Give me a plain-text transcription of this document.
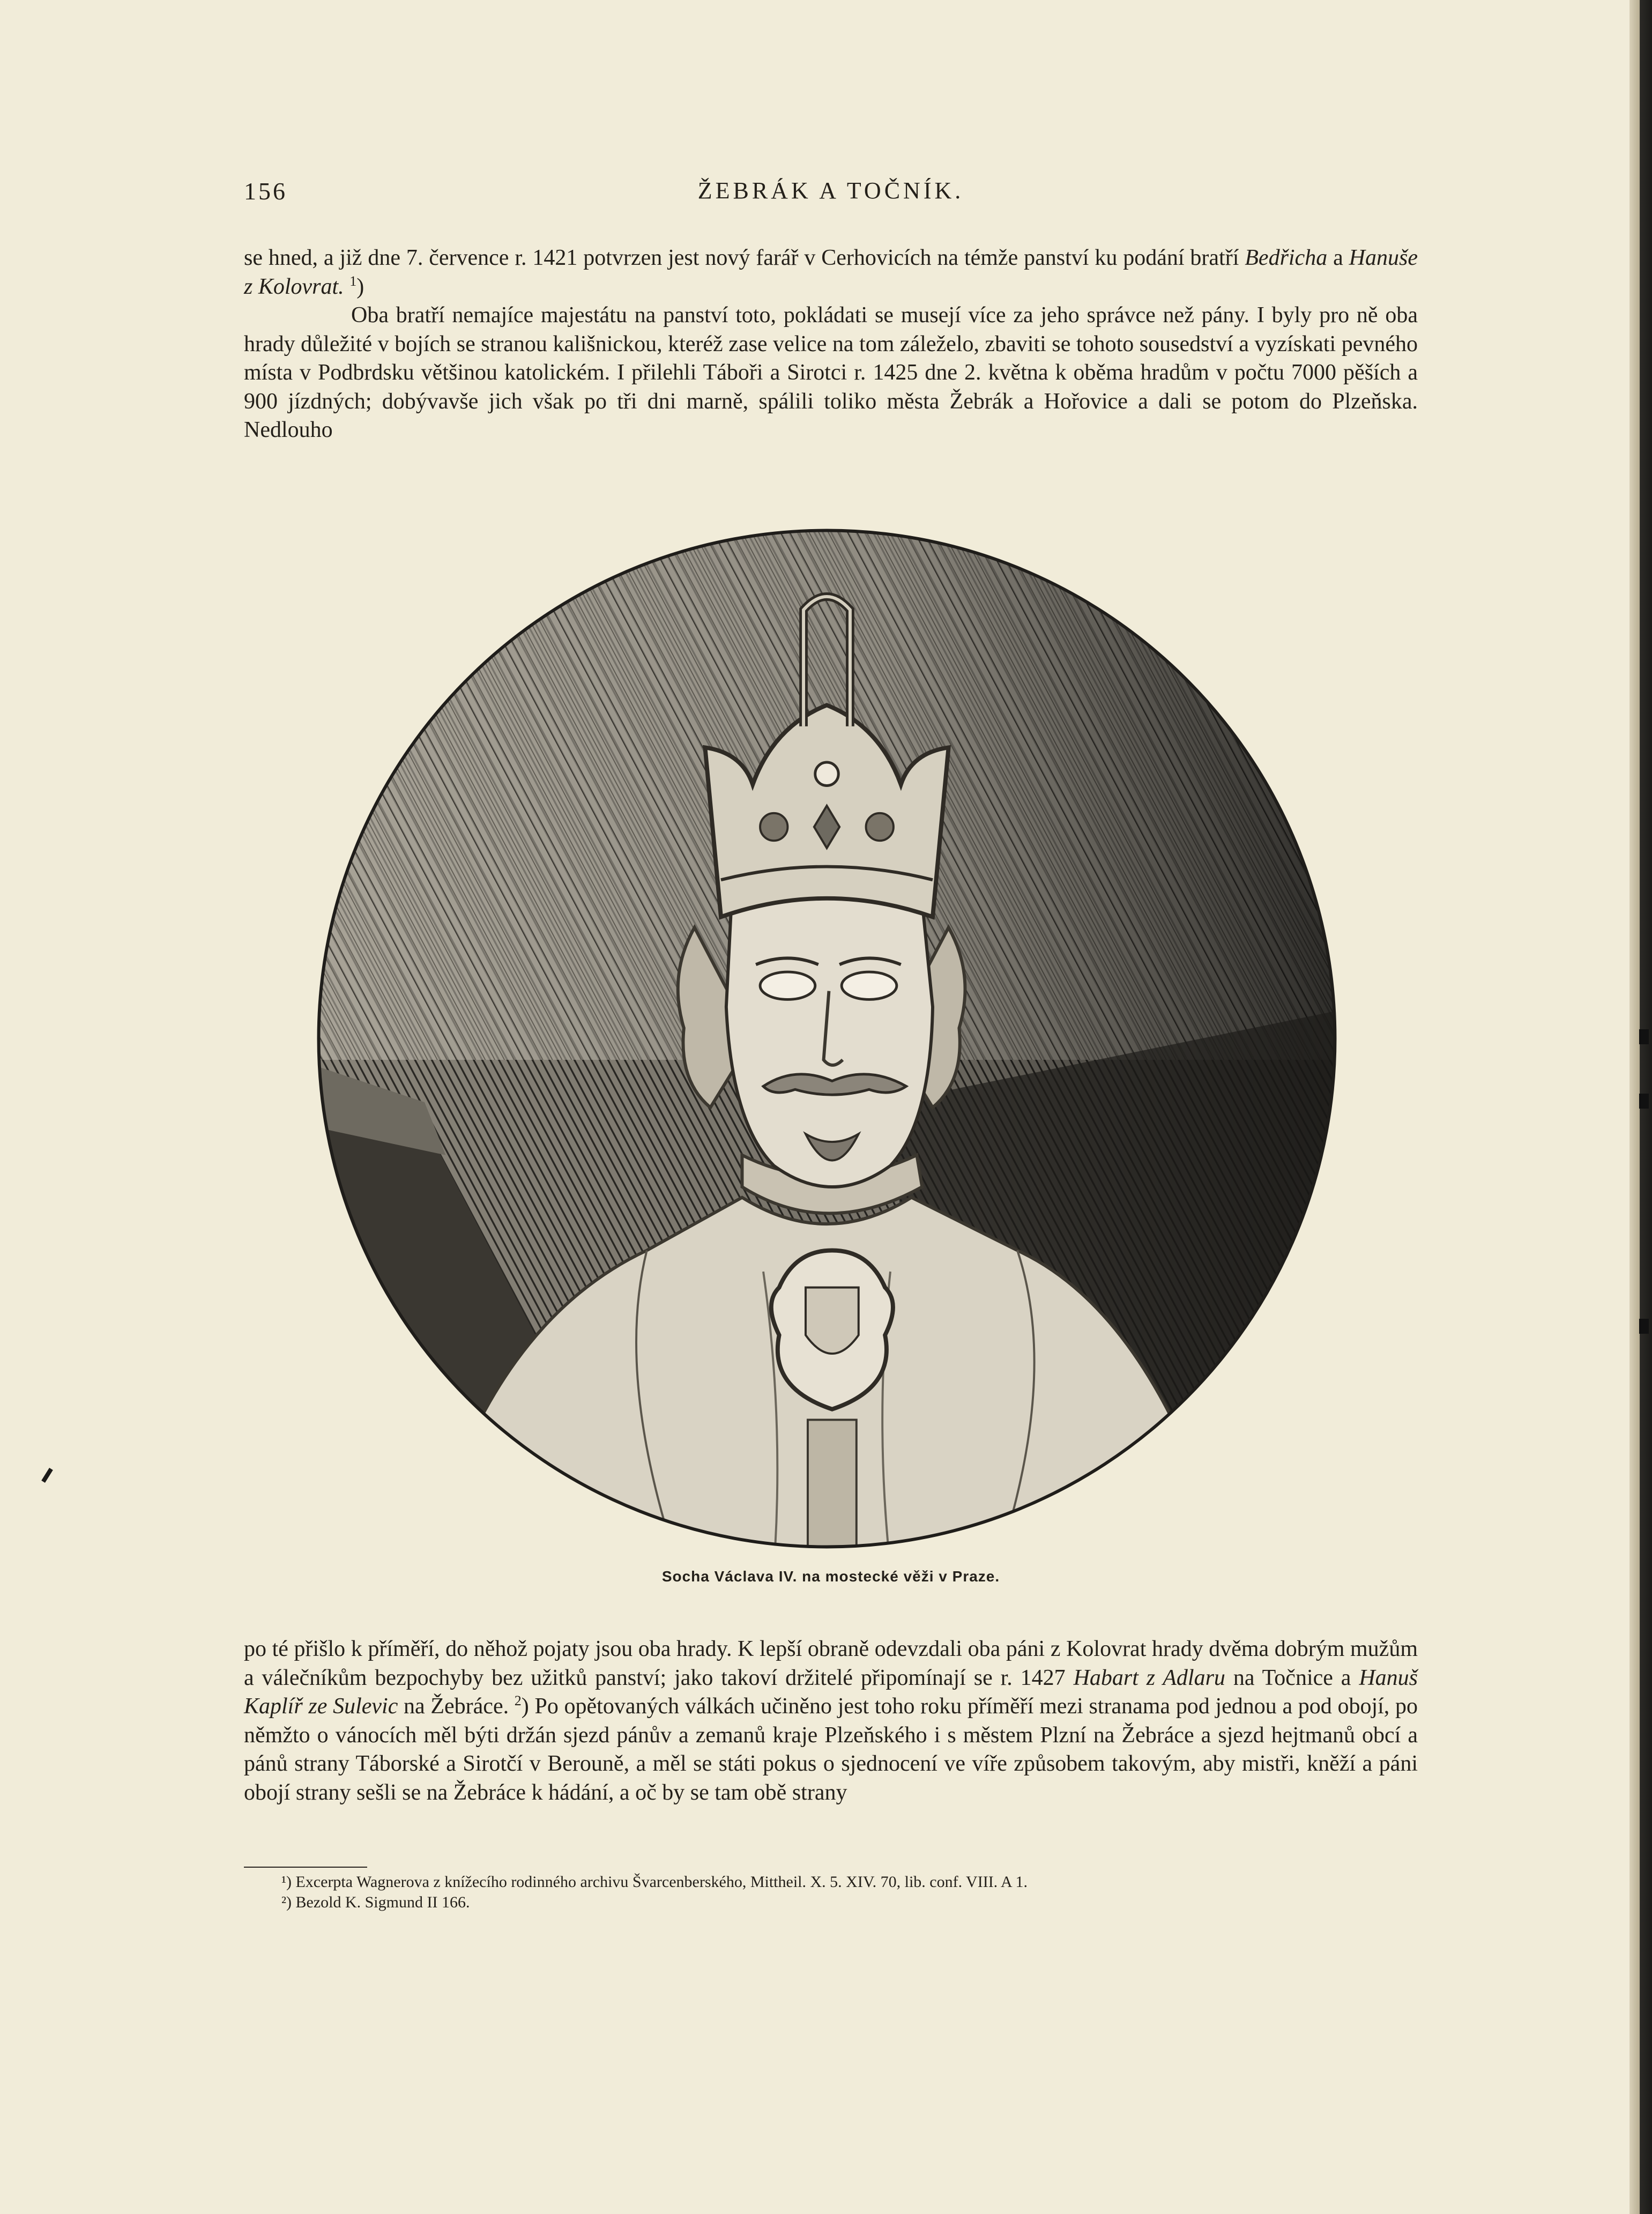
156	ŽEBRÁK A TOČNÍK.

se hned, a již dne 7. července r. 1421 potvrzen jest nový farář v Cerhovicích na témže panství ku podání bratří Bedřicha a Hanuše z Kolovrat. $^1$)

Oba bratří nemajíce majestátu na panství toto, pokládati se musejí více za jeho správce než pány. I byly pro ně oba hrady důležité v bojích se stranou kališnickou, kteréž zase velice na tom záleželo, zbaviti se tohoto sousedství a vyzískati pevného místa v Podbrdsku většinou katolickém. I přilehli Táboři a Sirotci r. 1425 dne 2. května k oběma hradům v počtu 7000 pěších a 900 jízdných; dobývavše jich však po tři dni marně, spálili toliko města Žebrák a Hořovice a dali se potom do Plzeňska. Nedlouho

Socha Václava IV. na mostecké věži v Praze.

po té přišlo k příměří, do něhož pojaty jsou oba hrady. K lepší obraně odevzdali oba páni z Kolovrat hrady dvěma dobrým mužům a válečníkům bezpochyby bez užitků panství; jako takoví držitelé připomínají se r. 1427 Habart z Adlaru na Točnice a Hanuš Kaplíř ze Sulevic na Žebráce. $^2$) Po opětovaných válkách učiněno jest toho roku příměří mezi stranama pod jednou a pod obojí, po němžto o vánocích měl býti držán sjezd pánův a zemanů kraje Plzeňského i s městem Plzní na Žebráce a sjezd hejtmanů obcí a pánů strany Táborské a Sirotčí v Berouně, a měl se státi pokus o sjednocení ve víře způsobem takovým, aby mistři, kněží a páni obojí strany sešli se na Žebráce k hádání, a oč by se tam obě strany

¹) Excerpta Wagnerova z knížecího rodinného archivu Švarcenberského, Mittheil. X. 5. XIV. 70, lib. conf. VIII. A 1.
²) Bezold K. Sigmund II 166.
